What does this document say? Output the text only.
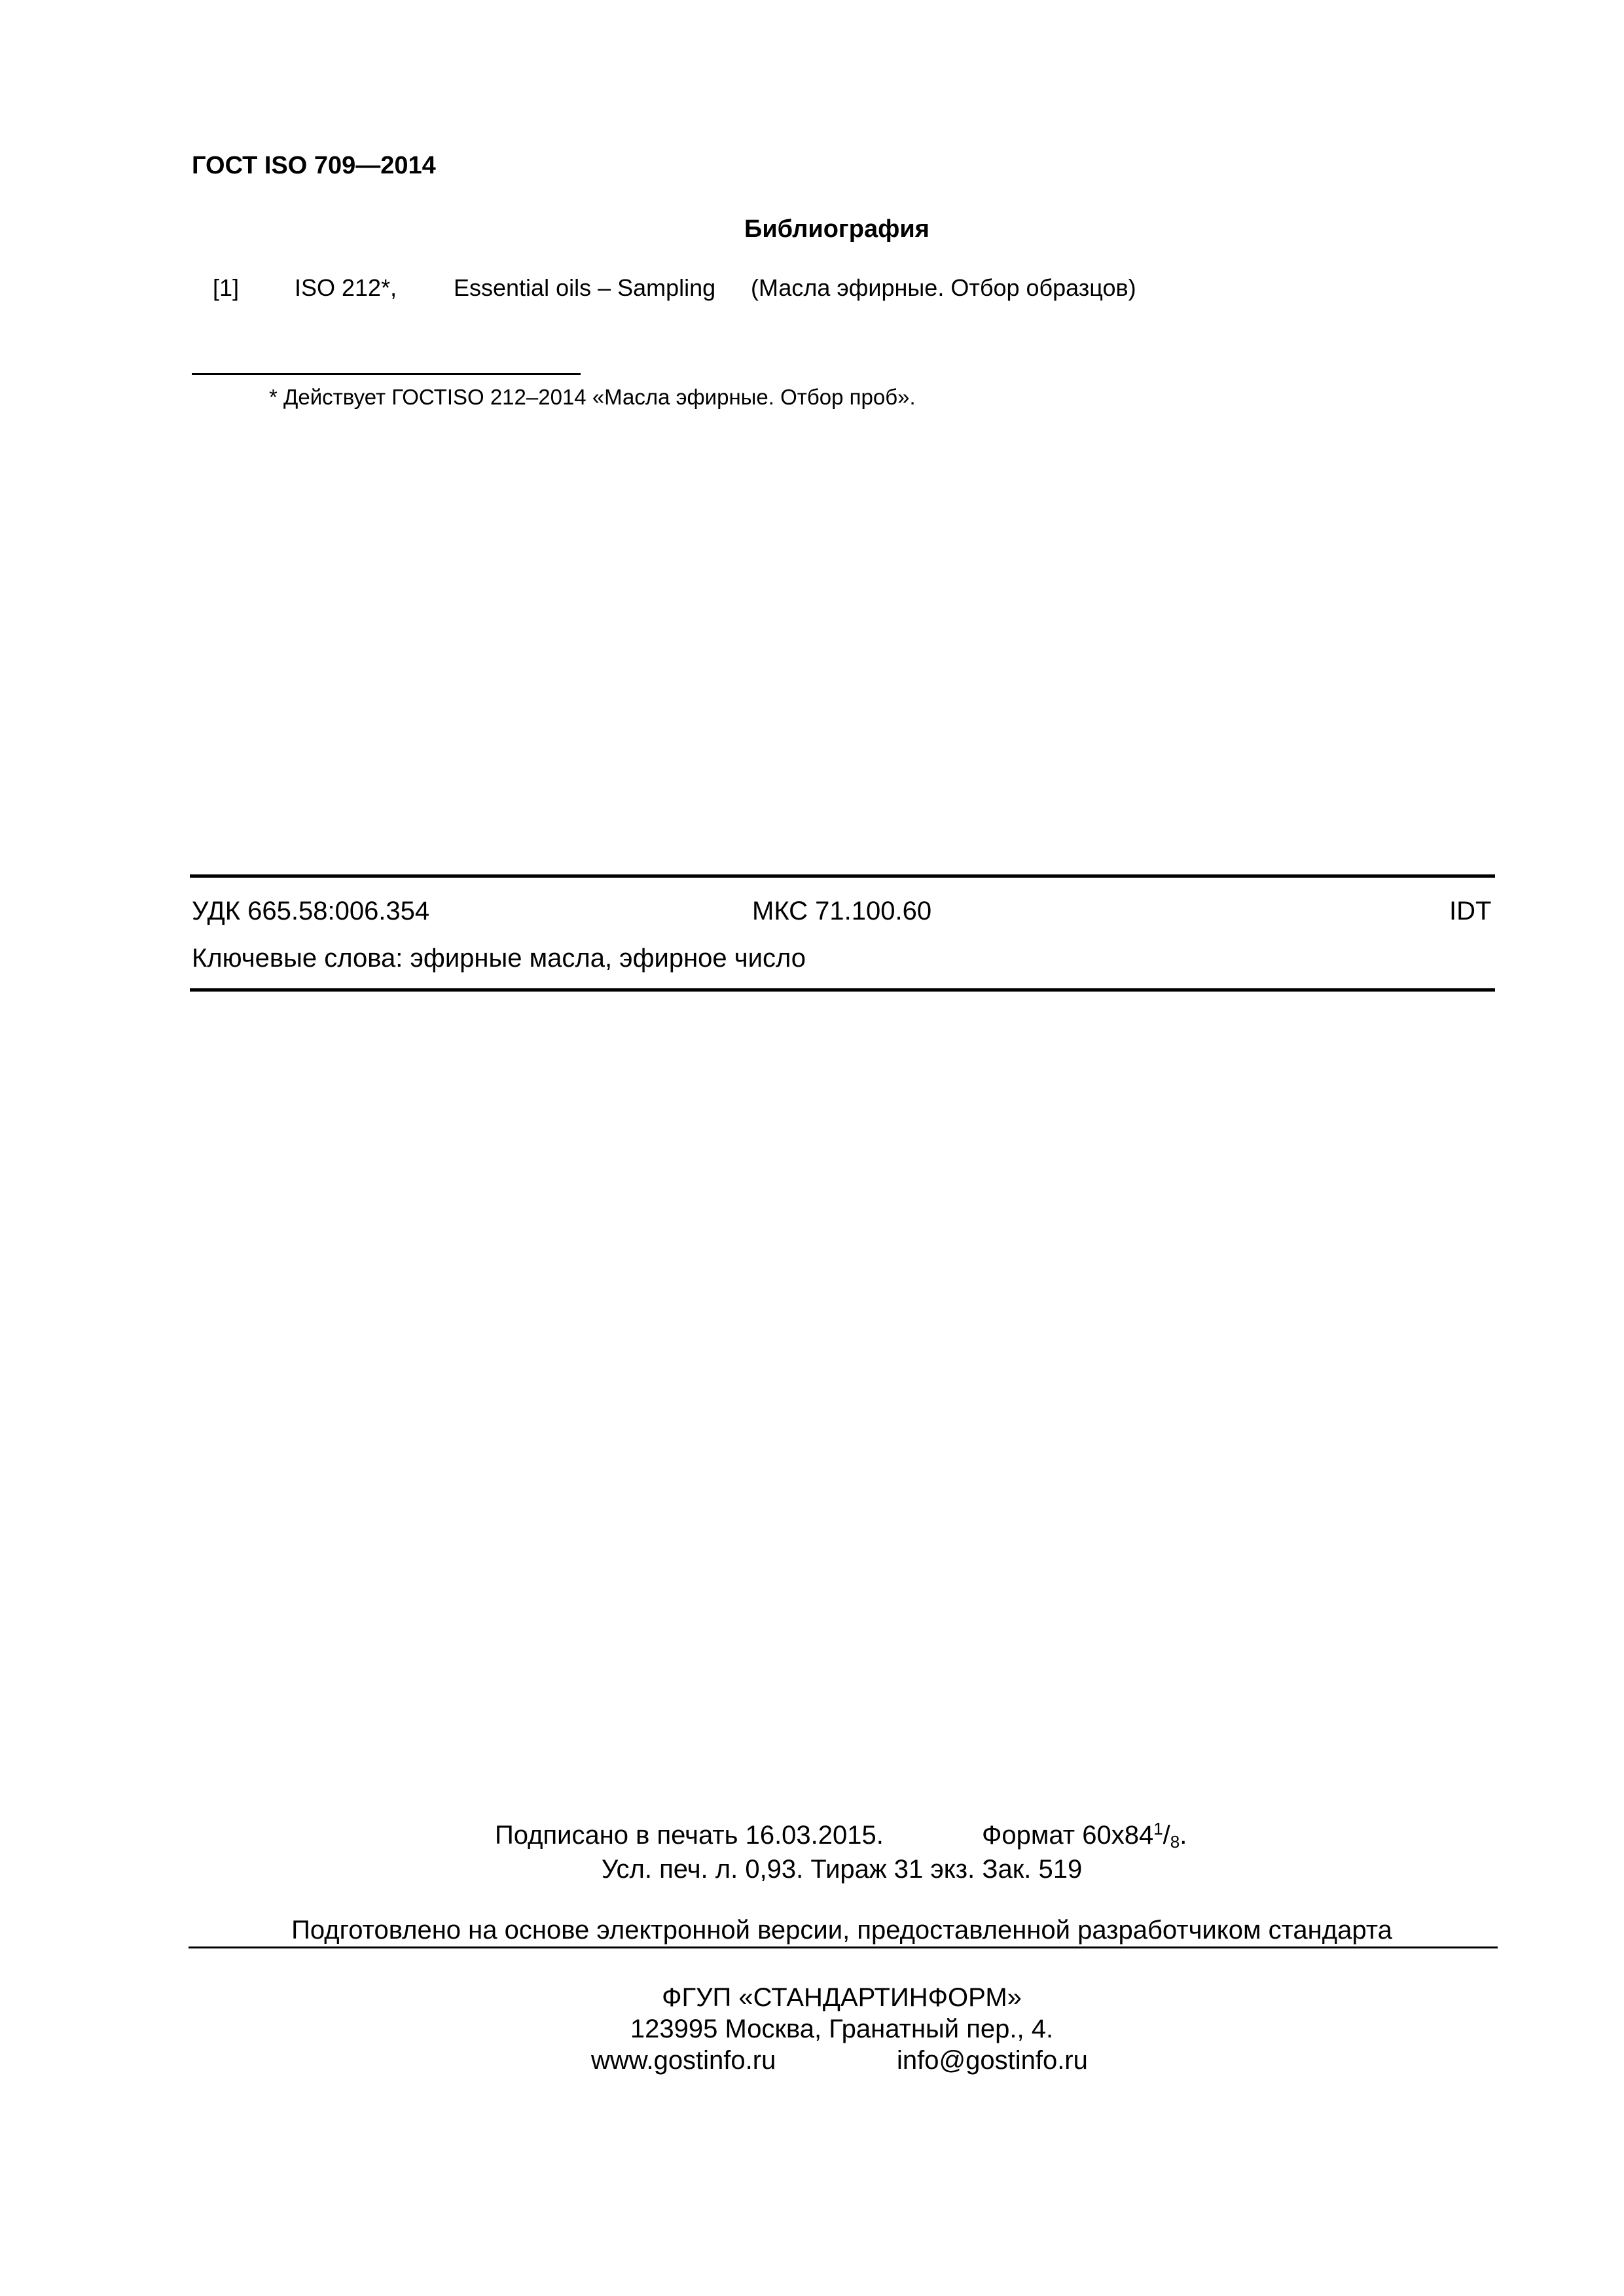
ГОСТ ISO 709—2014
Библиография
[1] ISO 212*, Essential oils – Sampling (Масла эфирные. Отбор образцов)
* Действует ГОСТISO 212–2014 «Масла эфирные. Отбор проб».
УДК 665.58:006.354	МКС 71.100.60	IDT
Ключевые слова: эфирные масла, эфирное число
Подписано в печать 16.03.2015.	Формат $60х84^1/_8$.
Усл. печ. л. 0,93. Тираж 31 экз. Зак. 519
Подготовлено на основе электронной версии, предоставленной разработчиком стандарта
ФГУП «СТАНДАРТИНФОРМ»
123995 Москва, Гранатный пер., 4.
www.gostinfo.ru	info@gostinfo.ru
